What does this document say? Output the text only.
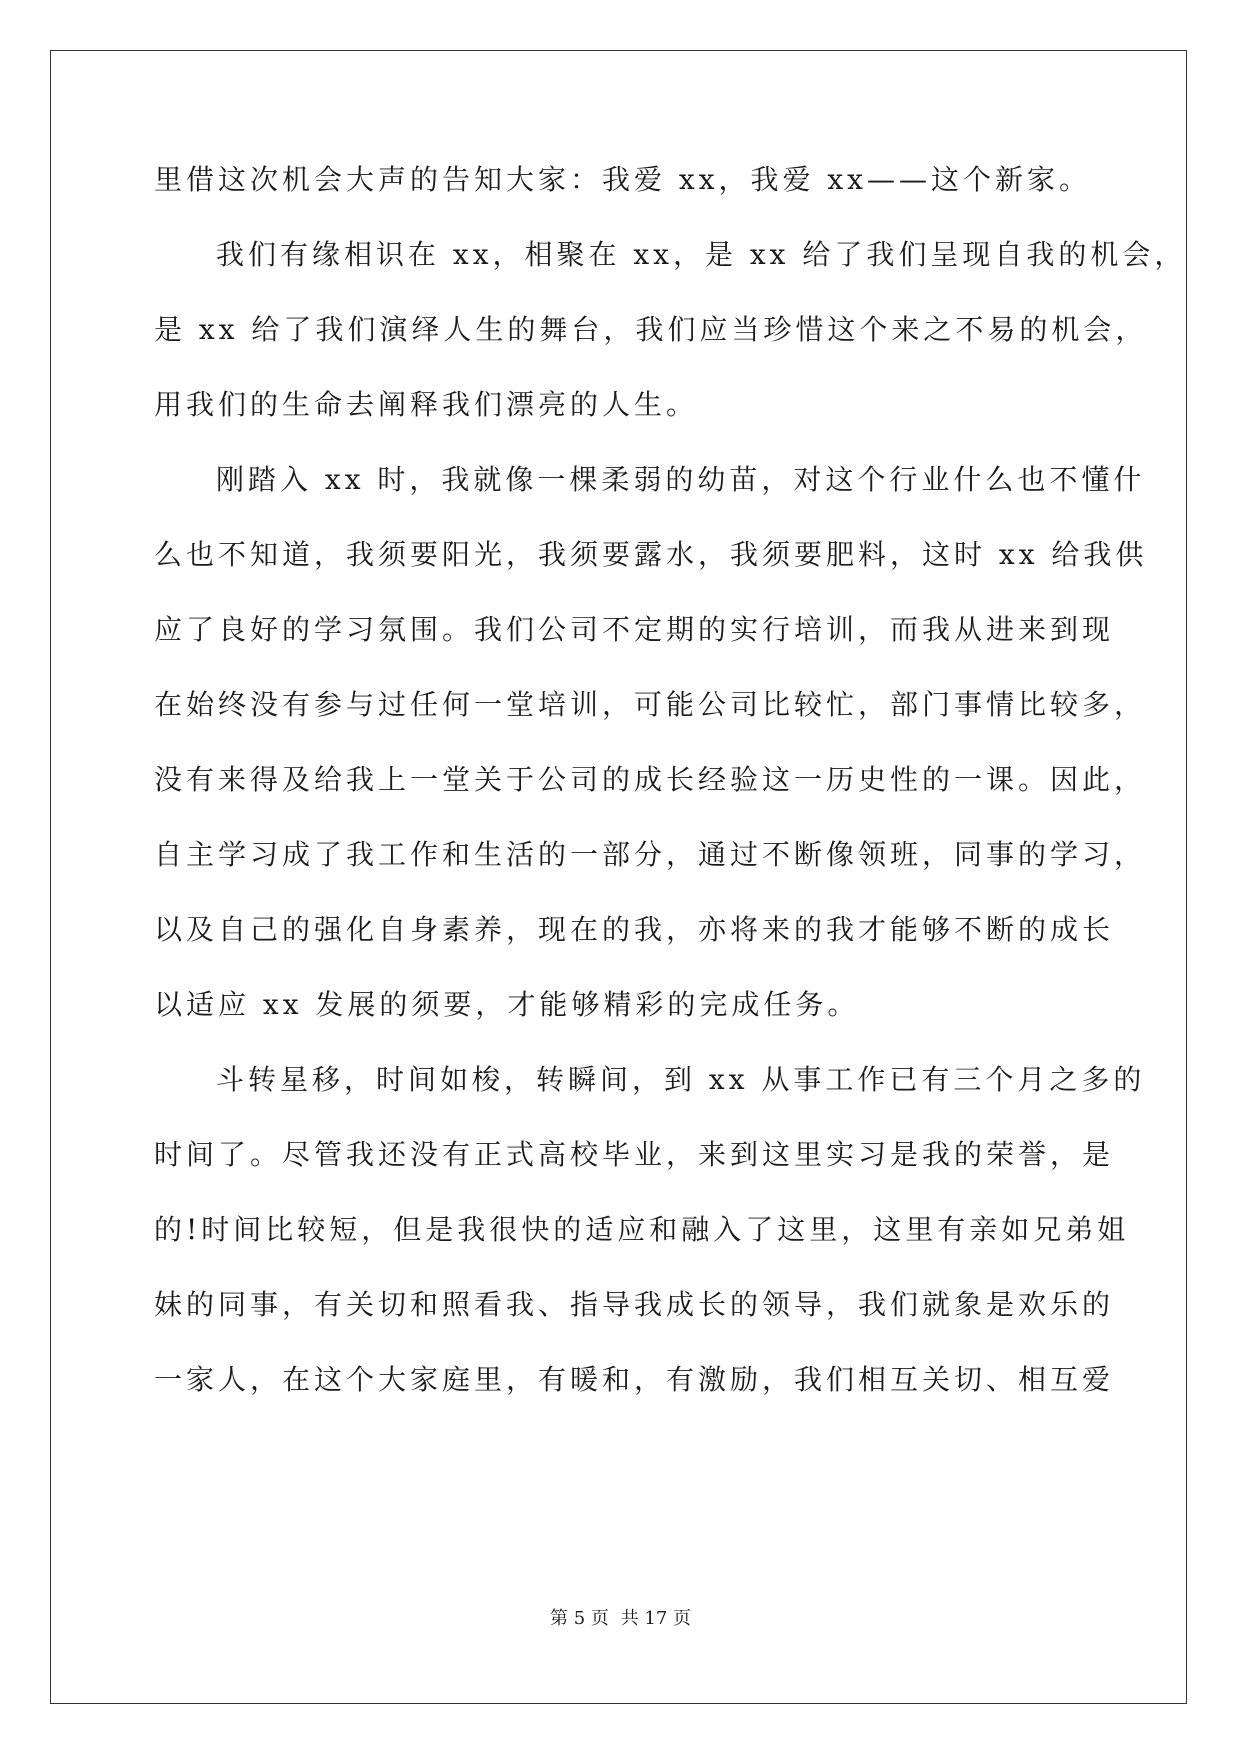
里借这次机会大声的告知大家：我爱 xx，我爱 xx——这个新家。
我们有缘相识在 xx，相聚在 xx，是 xx 给了我们呈现自我的机会，
是 xx 给了我们演绎人生的舞台，我们应当珍惜这个来之不易的机会，
用我们的生命去阐释我们漂亮的人生。
刚踏入 xx 时，我就像一棵柔弱的幼苗，对这个行业什么也不懂什
么也不知道，我须要阳光，我须要露水，我须要肥料，这时 xx 给我供
应了良好的学习氛围。我们公司不定期的实行培训，而我从进来到现
在始终没有参与过任何一堂培训，可能公司比较忙，部门事情比较多，
没有来得及给我上一堂关于公司的成长经验这一历史性的一课。因此，
自主学习成了我工作和生活的一部分，通过不断像领班，同事的学习，
以及自己的强化自身素养，现在的我，亦将来的我才能够不断的成长
以适应 xx 发展的须要，才能够精彩的完成任务。
斗转星移，时间如梭，转瞬间，到 xx 从事工作已有三个月之多的
时间了。尽管我还没有正式高校毕业，来到这里实习是我的荣誉，是
的!时间比较短，但是我很快的适应和融入了这里，这里有亲如兄弟姐
妹的同事，有关切和照看我、指导我成长的领导，我们就象是欢乐的
一家人，在这个大家庭里，有暖和，有激励，我们相互关切、相互爱
第 5 页 共 17 页
